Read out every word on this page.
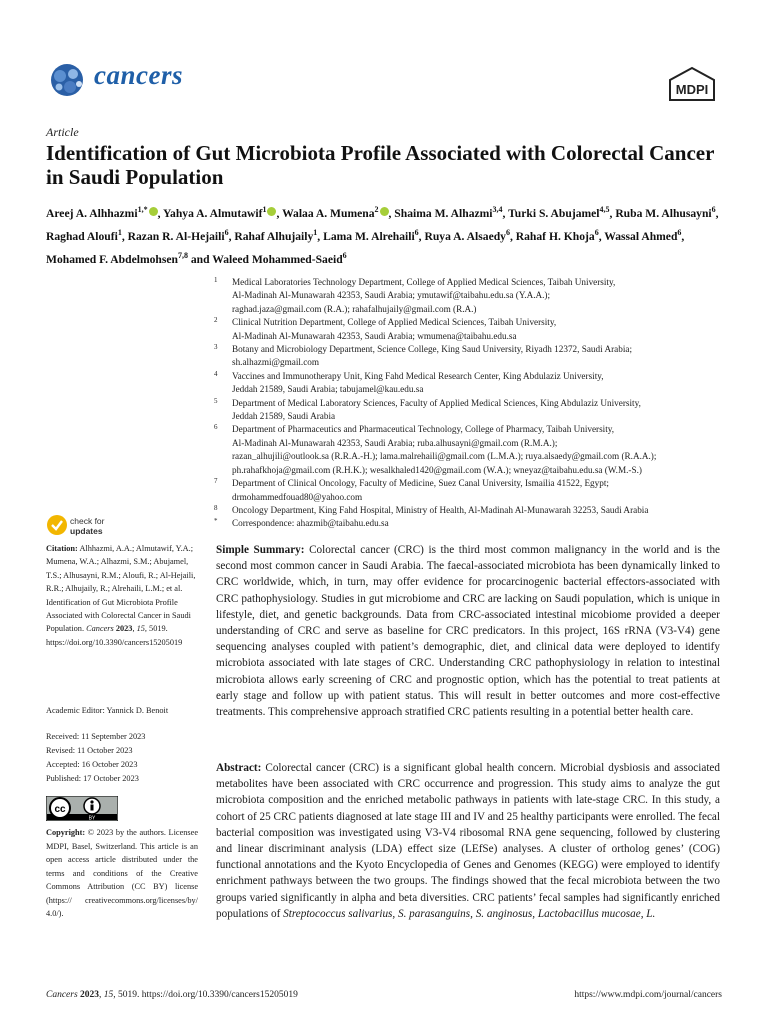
cancers	MDPI
Article
Identification of Gut Microbiota Profile Associated with Colorectal Cancer in Saudi Population
Areej A. Alhhazmi$^{1,*}$ , Yahya A. Almutawif$^1$ , Walaa A. Mumena$^2$ , Shaima M. Alhazmi$^{3,4}$, Turki S. Abujamel$^{4,5}$, Ruba M. Alhusayni$^6$, Raghad Aloufi$^1$, Razan R. Al-Hejaili$^6$, Rahaf Alhujaily$^1$, Lama M. Alrehaili$^6$, Ruya A. Alsaedy$^6$, Rahaf H. Khoja$^6$, Wassal Ahmed$^6$, Mohamed F. Abdelmohsen$^{7,8}$ and Waleed Mohammed-Saeid$^6$
1 Medical Laboratories Technology Department, College of Applied Medical Sciences, Taibah University,
Al-Madinah Al-Munawarah 42353, Saudi Arabia; ymutawif@taibahu.edu.sa (Y.A.A.);
raghad.jaza@gmail.com (R.A.); rahafalhujaily@gmail.com (R.A.)
2 Clinical Nutrition Department, College of Applied Medical Sciences, Taibah University,
Al-Madinah Al-Munawarah 42353, Saudi Arabia; wmumena@taibahu.edu.sa
3 Botany and Microbiology Department, Science College, King Saud University, Riyadh 12372, Saudi Arabia;
sh.alhazmi@gmail.com
4 Vaccines and Immunotherapy Unit, King Fahd Medical Research Center, King Abdulaziz University,
Jeddah 21589, Saudi Arabia; tabujamel@kau.edu.sa
5 Department of Medical Laboratory Sciences, Faculty of Applied Medical Sciences, King Abdulaziz University,
Jeddah 21589, Saudi Arabia
6 Department of Pharmaceutics and Pharmaceutical Technology, College of Pharmacy, Taibah University,
Al-Madinah Al-Munawarah 42353, Saudi Arabia; ruba.alhusayni@gmail.com (R.M.A.);
razan_alhujili@outlook.sa (R.R.A.-H.); lama.malrehaili@gmail.com (L.M.A.); ruya.alsaedy@gmail.com (R.A.A.);
ph.rahafkhoja@gmail.com (R.H.K.); wesalkhaled1420@gmail.com (W.A.); wneyaz@taibahu.edu.sa (W.M.-S.)
7 Department of Clinical Oncology, Faculty of Medicine, Suez Canal University, Ismailia 41522, Egypt;
drmohammedfouad80@yahoo.com
8 Oncology Department, King Fahd Hospital, Ministry of Health, Al-Madinah Al-Munawarah 32253, Saudi Arabia
* Correspondence: ahazmib@taibahu.edu.sa
check for
updates
Citation: Alhhazmi, A.A.; Almutawif, Y.A.; Mumena, W.A.; Alhazmi, S.M.; Abujamel, T.S.; Alhusayni, R.M.; Aloufi, R.; Al-Hejaili, R.R.; Alhujaily, R.; Alrehaili, L.M.; et al. Identification of Gut Microbiota Profile Associated with Colorectal Cancer in Saudi Population. Cancers 2023, 15, 5019. https://doi.org/10.3390/cancers15205019
Academic Editor: Yannick D. Benoit
Received: 11 September 2023
Revised: 11 October 2023
Accepted: 16 October 2023
Published: 17 October 2023
cc
BY
Copyright: © 2023 by the authors. Licensee MDPI, Basel, Switzerland. This article is an open access article distributed under the terms and conditions of the Creative Commons Attribution (CC BY) license (https:// creativecommons.org/licenses/by/ 4.0/).
Simple Summary: Colorectal cancer (CRC) is the third most common malignancy in the world and is the second most common cancer in Saudi Arabia. The faecal-associated microbiota has been dynamically linked to CRC worldwide, which, in turn, may offer evidence for procarcinogenic bacterial effectors-associated with CRC pathophysiology. Studies in gut microbiome and CRC are lacking on Saudi population, which is unique in lifestyle, diet, and genetic backgrounds. Data from CRC-associated intestinal micobiome provided a deeper understanding of CRC and serve as baseline for CRC predicators. In this project, 16S rRNA (V3-V4) gene sequencing analyses coupled with patient’s demographic, diet, and clinical data were deployed to identify microbiota associated with late stages of CRC. Understanding CRC pathophysiology in relation to intestinal microbiota allows early screening of CRC and prognostic option, which has the potential to treat patients at early stage and follow up with patient status. This will result in better outcomes and more cost-effective treatments. This comprehensive approach stratified CRC patients resulting in a potential better health care.
Abstract: Colorectal cancer (CRC) is a significant global health concern. Microbial dysbiosis and associated metabolites have been associated with CRC occurrence and progression. This study aims to analyze the gut microbiota composition and the enriched metabolic pathways in patients with late-stage CRC. In this study, a cohort of 25 CRC patients diagnosed at late stage III and IV and 25 healthy participants were enrolled. The fecal bacterial composition was investigated using V3-V4 ribosomal RNA gene sequencing, followed by clustering and linear discriminant analysis (LDA) effect size (LEfSe) analyses. A cluster of ortholog genes’ (COG) functional annotations and the Kyoto Encyclopedia of Genes and Genomes (KEGG) were employed to identify enrichment pathways between the two groups. The findings showed that the fecal microbiota between the two groups varied significantly in alpha and beta diversities. CRC patients’ fecal samples had significantly enriched populations of Streptococcus salivarius, S. parasanguins, S. anginosus, Lactobacillus mucosae, L.
Cancers 2023, 15, 5019. https://doi.org/10.3390/cancers15205019	https://www.mdpi.com/journal/cancers
